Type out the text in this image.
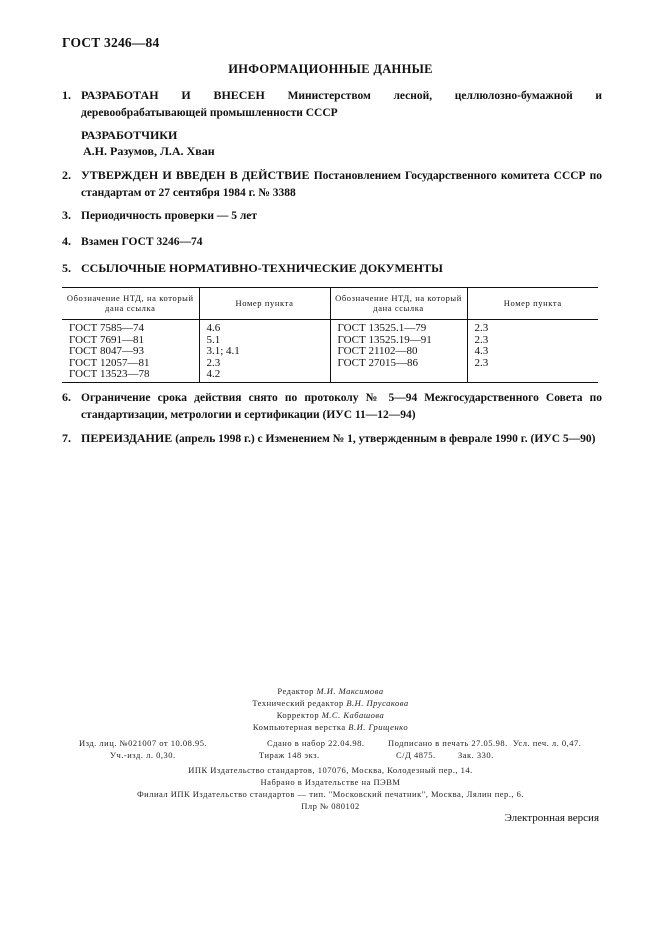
ГОСТ 3246—84
ИНФОРМАЦИОННЫЕ ДАННЫЕ
1. РАЗРАБОТАН И ВНЕСЕН Министерством лесной, целлюлозно-бумажной и деревообрабатывающей промышленности СССР
РАЗРАБОТЧИКИ
А.Н. Разумов, Л.А. Хван
2. УТВЕРЖДЕН И ВВЕДЕН В ДЕЙСТВИЕ Постановлением Государственного комитета СССР по стандартам от 27 сентября 1984 г. № 3388
3. Периодичность проверки — 5 лет
4. Взамен ГОСТ 3246—74
5. ССЫЛОЧНЫЕ НОРМАТИВНО-ТЕХНИЧЕСКИЕ ДОКУМЕНТЫ
Обозначение НТД, на который дана ссылка	Номер пункта	Обозначение НТД, на который дана ссылка	Номер пункта
ГОСТ 7585—74	4.6	ГОСТ 13525.1—79	2.3
ГОСТ 7691—81	5.1	ГОСТ 13525.19—91	2.3
ГОСТ 8047—93	3.1; 4.1	ГОСТ 21102—80	4.3
ГОСТ 12057—81	2.3	ГОСТ 27015—86	2.3
ГОСТ 13523—78	4.2		

6. Ограничение срока действия снято по протоколу № 5—94 Межгосударственного Совета по стандартизации, метрологии и сертификации (ИУС 11—12—94)
7. ПЕРЕИЗДАНИЕ (апрель 1998 г.) с Изменением № 1, утвержденным в феврале 1990 г. (ИУС 5—90)
Редактор М.И. Максимова
Технический редактор В.Н. Прусакова
Корректор М.С. Кабашова
Компьютерная верстка В.И. Грищенко
Изд. лиц. №021007 от 10.08.95.	Сдано в набор 22.04.98.	Подписано в печать 27.05.98. Усл. печ. л. 0,47.
Уч.-изд. л. 0,30.	Тираж 148 экз.	С/Д 4875.	Зак. 330.
ИПК Издательство стандартов, 107076, Москва, Колодезный пер., 14.
Набрано в Издательстве на ПЭВМ
Филиал ИПК Издательство стандартов — тип. "Московский печатник", Москва, Лялин пер., 6.
Плр № 080102
Электронная версия
